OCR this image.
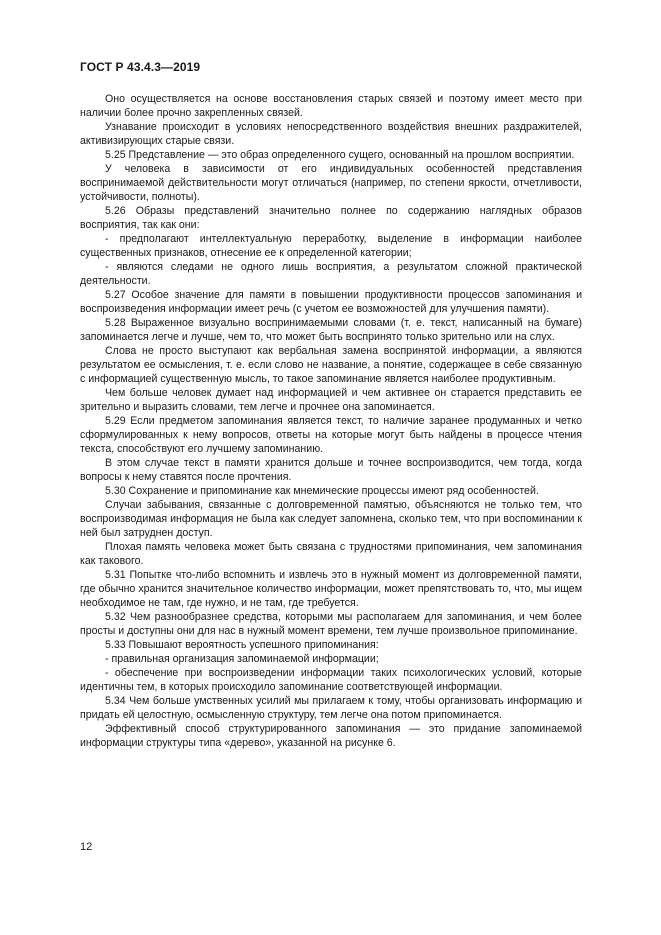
ГОСТ Р 43.4.3—2019

Оно осуществляется на основе восстановления старых связей и поэтому имеет место при наличии более прочно закрепленных связей.

Узнавание происходит в условиях непосредственного воздействия внешних раздражителей, активизирующих старые связи.

5.25 Представление — это образ определенного сущего, основанный на прошлом восприятии.

У человека в зависимости от его индивидуальных особенностей представления воспринимаемой действительности могут отличаться (например, по степени яркости, отчетливости, устойчивости, полноты).

5.26 Образы представлений значительно полнее по содержанию наглядных образов восприятия, так как они:

- предполагают интеллектуальную переработку, выделение в информации наиболее существенных признаков, отнесение ее к определенной категории;

- являются следами не одного лишь восприятия, а результатом сложной практической деятельности.

5.27 Особое значение для памяти в повышении продуктивности процессов запоминания и воспроизведения информации имеет речь (с учетом ее возможностей для улучшения памяти).

5.28 Выраженное визуально воспринимаемыми словами (т. е. текст, написанный на бумаге) запоминается легче и лучше, чем то, что может быть воспринято только зрительно или на слух.

Слова не просто выступают как вербальная замена воспринятой информации, а являются результатом ее осмысления, т. е. если слово не название, а понятие, содержащее в себе связанную с информацией существенную мысль, то такое запоминание является наиболее продуктивным.

Чем больше человек думает над информацией и чем активнее он старается представить ее зрительно и выразить словами, тем легче и прочнее она запоминается.

5.29 Если предметом запоминания является текст, то наличие заранее продуманных и четко сформулированных к нему вопросов, ответы на которые могут быть найдены в процессе чтения текста, способствуют его лучшему запоминанию.

В этом случае текст в памяти хранится дольше и точнее воспроизводится, чем тогда, когда вопросы к нему ставятся после прочтения.

5.30 Сохранение и припоминание как мнемические процессы имеют ряд особенностей.

Случаи забывания, связанные с долговременной памятью, объясняются не только тем, что воспроизводимая информация не была как следует запомнена, сколько тем, что при воспоминании к ней был затруднен доступ.

Плохая память человека может быть связана с трудностями припоминания, чем запоминания как такового.

5.31 Попытке что-либо вспомнить и извлечь это в нужный момент из долговременной памяти, где обычно хранится значительное количество информации, может препятствовать то, что, мы ищем необходимое не там, где нужно, и не там, где требуется.

5.32 Чем разнообразнее средства, которыми мы располагаем для запоминания, и чем более просты и доступны они для нас в нужный момент времени, тем лучше произвольное припоминание.

5.33 Повышают вероятность успешного припоминания:

- правильная организация запоминаемой информации;

- обеспечение при воспроизведении информации таких психологических условий, которые идентичны тем, в которых происходило запоминание соответствующей информации.

5.34 Чем больше умственных усилий мы прилагаем к тому, чтобы организовать информацию и придать ей целостную, осмысленную структуру, тем легче она потом припоминается.

Эффективный способ структурированного запоминания — это придание запоминаемой информации структуры типа «дерево», указанной на рисунке 6.

12
